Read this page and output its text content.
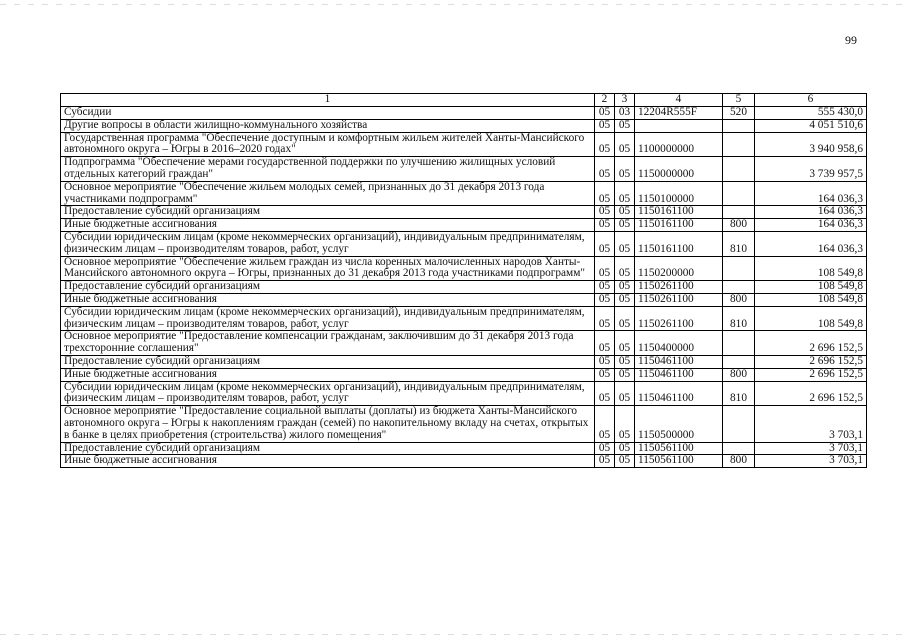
99
1	2	3	4	5	6
Субсидии	05	03	12204R555F	520	555 430,0
Другие вопросы в области жилищно-коммунального хозяйства	05	05			4 051 510,6
Государственная программа "Обеспечение доступным и комфортным жильем жителей Ханты-Мансийского автономного округа – Югры в 2016–2020 годах"	05	05	1100000000		3 940 958,6
Подпрограмма "Обеспечение мерами государственной поддержки по улучшению жилищных условий отдельных категорий граждан"	05	05	1150000000		3 739 957,5
Основное мероприятие "Обеспечение жильем молодых семей, признанных до 31 декабря 2013 года участниками подпрограмм"	05	05	1150100000		164 036,3
Предоставление субсидий организациям	05	05	1150161100		164 036,3
Иные бюджетные ассигнования	05	05	1150161100	800	164 036,3
Субсидии юридическим лицам (кроме некоммерческих организаций), индивидуальным предпринимателям, физическим лицам – производителям товаров, работ, услуг	05	05	1150161100	810	164 036,3
Основное мероприятие "Обеспечение жильем граждан из числа коренных малочисленных народов Ханты-Мансийского автономного округа – Югры, признанных до 31 декабря 2013 года участниками подпрограмм"	05	05	1150200000		108 549,8
Предоставление субсидий организациям	05	05	1150261100		108 549,8
Иные бюджетные ассигнования	05	05	1150261100	800	108 549,8
Субсидии юридическим лицам (кроме некоммерческих организаций), индивидуальным предпринимателям, физическим лицам – производителям товаров, работ, услуг	05	05	1150261100	810	108 549,8
Основное мероприятие "Предоставление компенсации гражданам, заключившим до 31 декабря 2013 года трехсторонние соглашения"	05	05	1150400000		2 696 152,5
Предоставление субсидий организациям	05	05	1150461100		2 696 152,5
Иные бюджетные ассигнования	05	05	1150461100	800	2 696 152,5
Субсидии юридическим лицам (кроме некоммерческих организаций), индивидуальным предпринимателям, физическим лицам – производителям товаров, работ, услуг	05	05	1150461100	810	2 696 152,5
Основное мероприятие "Предоставление социальной выплаты (доплаты) из бюджета Ханты-Мансийского автономного округа – Югры к накоплениям граждан (семей) по накопительному вкладу на счетах, открытых в банке в целях приобретения (строительства) жилого помещения"	05	05	1150500000		3 703,1
Предоставление субсидий организациям	05	05	1150561100		3 703,1
Иные бюджетные ассигнования	05	05	1150561100	800	3 703,1
